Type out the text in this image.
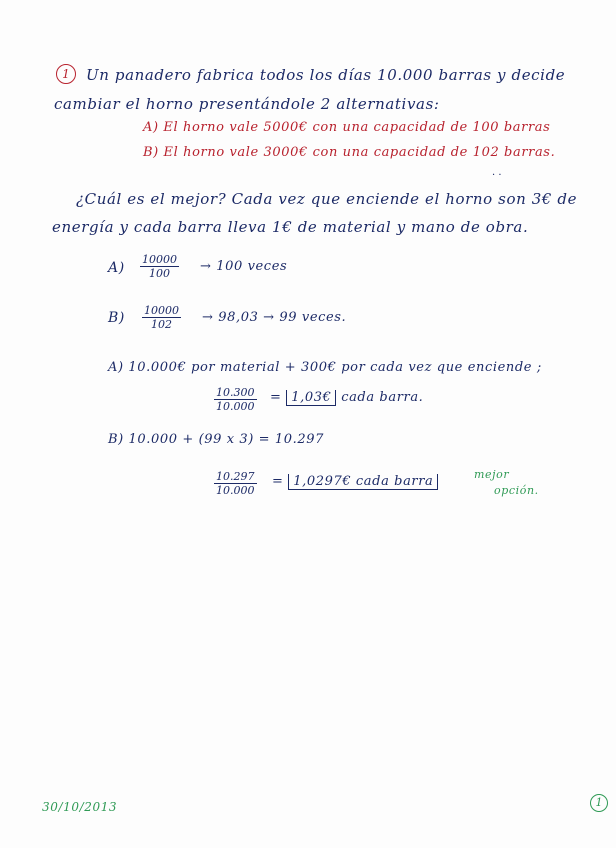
1	Un panadero fabrica todos los días 10.000 barras y decide
cambiar el horno presentándole 2 alternativas:
A) El horno vale 5000€ con una capacidad de 100 barras
B) El horno vale 3000€ con una capacidad de 102 barras.
· ·
¿Cuál es el mejor? Cada vez que enciende el horno son 3€ de
energía y cada barra lleva 1€ de material y mano de obra.
$A) \frac{10000}{100} \to 100$ veces
$B) \frac{10000}{102} \to 98,03 \to 99$ veces.
A) 10.000€ por material + 300€ por cada vez que enciende ;
$\frac{10.300}{10.000}$ = 1,03€ cada barra.
B) 10.000 + (99 x 3) = 10.297
$\frac{10.297}{10.000}$ = 1,0297€ cada barra	mejor
opción.
30/10/2013	1
